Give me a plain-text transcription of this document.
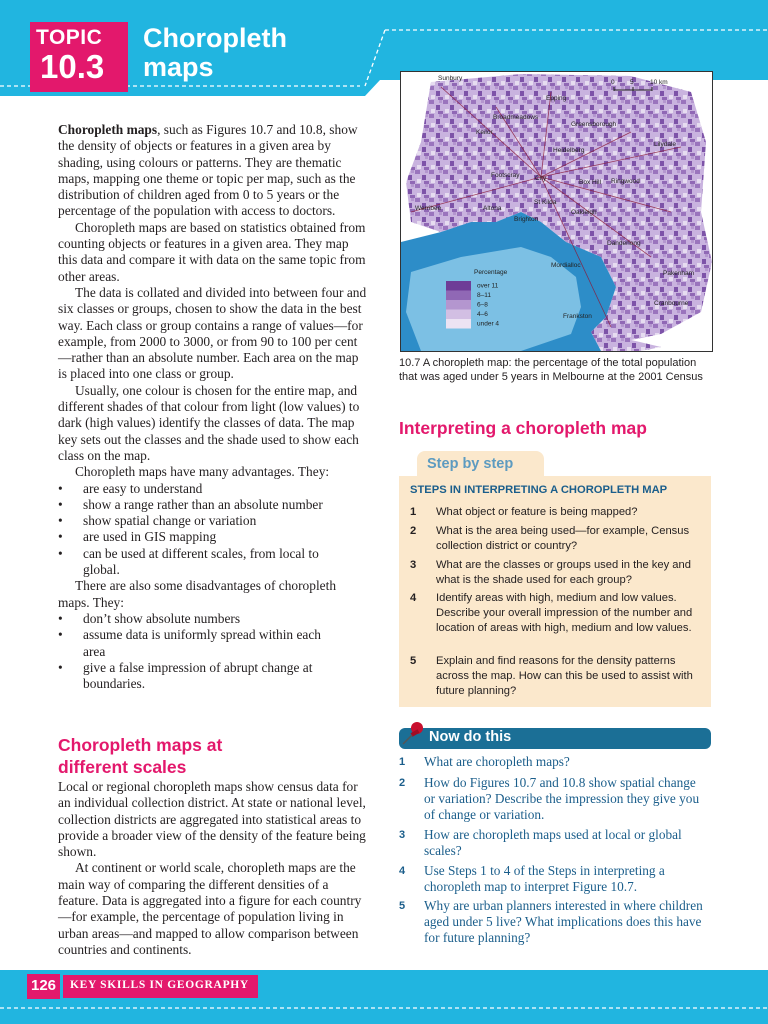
TOPIC
10.3
Choropleth
maps

Choropleth maps, such as Figures 10.7 and 10.8, show the density of objects or features in a given area by shading, using colours or patterns. They are thematic maps, mapping one theme or topic per map, such as the distribution of children aged from 0 to 5 years or the percentage of the population with access to doctors.

Choropleth maps are based on statistics obtained from counting objects or features in a given area. They map this data and compare it with data on the same topic from other areas.

The data is collated and divided into between four and six classes or groups, chosen to show the data in the best way. Each class or group contains a range of values—for example, from 2000 to 3000, or from 90 to 100 per cent—rather than an absolute number. Each area on the map is placed into one class or group.

Usually, one colour is chosen for the entire map, and different shades of that colour from light (low values) to dark (high values) identify the classes of data. The map key sets out the classes and the shade used to show each class on the map.

Choropleth maps have many advantages. They:

• are easy to understand
• show a range rather than an absolute number
• show spatial change or variation
• are used in GIS mapping
• can be used at different scales, from local to global.

There are also some disadvantages of choropleth maps. They:

• don’t show absolute numbers
• assume data is uniformly spread within each area
• give a false impression of abrupt change at boundaries.
Choropleth maps at
different scales

Local or regional choropleth maps show census data for an individual collection district. At state or national level, collection districts are aggregated into statistical areas to provide a broader view of the density of the feature being shown.

At continent or world scale, choropleth maps are the main way of comparing the different densities of a feature. Data is aggregated into a figure for each country—for example, the percentage of population living in urban areas—and mapped to allow comparison between countries and continents.

0 5	10 km
Sunbury
Epping
Broadmeadows
Greensborough
Keilor
Lilydale
Heidelberg
Footscray City
Box Hill Ringwood
Werribee	Altona
St Kilda
Oakleigh
Brighton
Dandenong
Mordialloc
Pakenham
Cranbourne
Frankston
Percentage
over 11
8–11
6–8
4–6
under 4
10.7 A choropleth map: the percentage of the total population that was aged under 5 years in Melbourne at the 2001 Census
Interpreting a choropleth map
Step by step
STEPS IN INTERPRETING A CHOROPLETH MAP
1 What object or feature is being mapped?
2 What is the area being used—for example, Census collection district or country?
3 What are the classes or groups used in the key and what is the shade used for each group?
4 Identify areas with high, medium and low values. Describe your overall impression of the number and location of areas with high, medium and low values.
5 Explain and find reasons for the density patterns across the map. How can this be used to assist with future planning?
Now do this
1 What are choropleth maps?
2 How do Figures 10.7 and 10.8 show spatial change or variation? Describe the impression they give you of change or variation.
3 How are choropleth maps used at local or global scales?
4 Use Steps 1 to 4 of the Steps in interpreting a choropleth map to interpret Figure 10.7.
5 Why are urban planners interested in where children aged under 5 live? What implications does this have for future planning?
126 KEY SKILLS IN GEOGRAPHY
